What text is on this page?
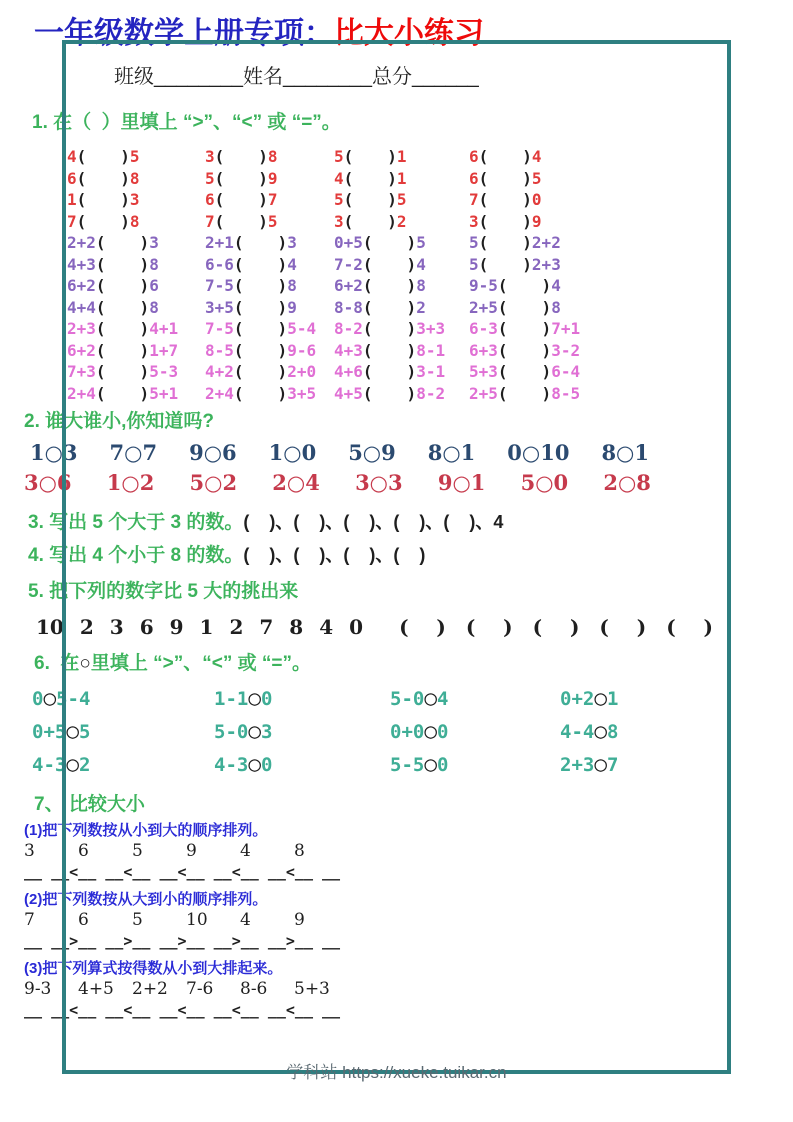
一年级数学上册专项：比大小练习
班级________姓名________总分______
1. 在（  ）里填上 “>”、“<” 或 “=”。
4( )5	3( )8	5( )1	6( )4
6( )8	5( )9	4( )1	6( )5
1( )3	6( )7	5( )5	7( )0
7( )8	7( )5	3( )2	3( )9
2+2( )3	2+1( )3	0+5( )5	5( )2+2
4+3( )8	6-6( )4	7-2( )4	5( )2+3
6+2( )6	7-5( )8	6+2( )8	9-5( )4
4+4( )8	3+5( )9	8-8( )2	2+5( )8
2+3( )4+1	7-5( )5-4	8-2( )3+3	6-3( )7+1
6+2( )1+7	8-5( )9-6	4+3( )8-1	6+3( )3-2
7+3( )5-3	4+2( )2+0	4+6( )3-1	5+3( )6-4
2+4( )5+1	2+4( )3+5	4+5( )8-2	2+5( )8-5
2. 谁大谁小,你知道吗?
1○3 7○7 9○6 1○0 5○9 8○1 0○10 8○1
3○6 1○2 5○2 2○4 3○3 9○1 5○0 2○8
3. 写出 5 个大于 3 的数。(    )、(    )、(    )、(    )、(    )、4
4. 写出 4 个小于 8 的数。(    )、(    )、(    )、(    )
5. 把下列的数字比 5 大的挑出来
10 2 3 6 9 1 2 7 8 4 0 (    ) (    ) (    ) (    ) (    )
6.  在○里填上 “>”、“<” 或 “=”。
0○5-4	1-1○0	5-0○4	0+2○1
0+5○5	5-0○3	0+0○0	4-4○8
4-3○2	4-3○0	5-5○0	2+3○7
7、 比较大小
(1)把下列数按从小到大的顺序排列。
3	6	5	9	4	8
__ __<__ __<__ __<__ __<__ __<__ __
(2)把下列数按从大到小的顺序排列。
7	6	5	10 4	9
__ __>__ __>__ __>__ __>__ __>__ __
(3)把下列算式按得数从小到大排起来。
9-3 4+5 2+2 7-6 8-6 5+3
__ __<__ __<__ __<__ __<__ __<__ __
学科站 https://xueke.tuikar.cn
